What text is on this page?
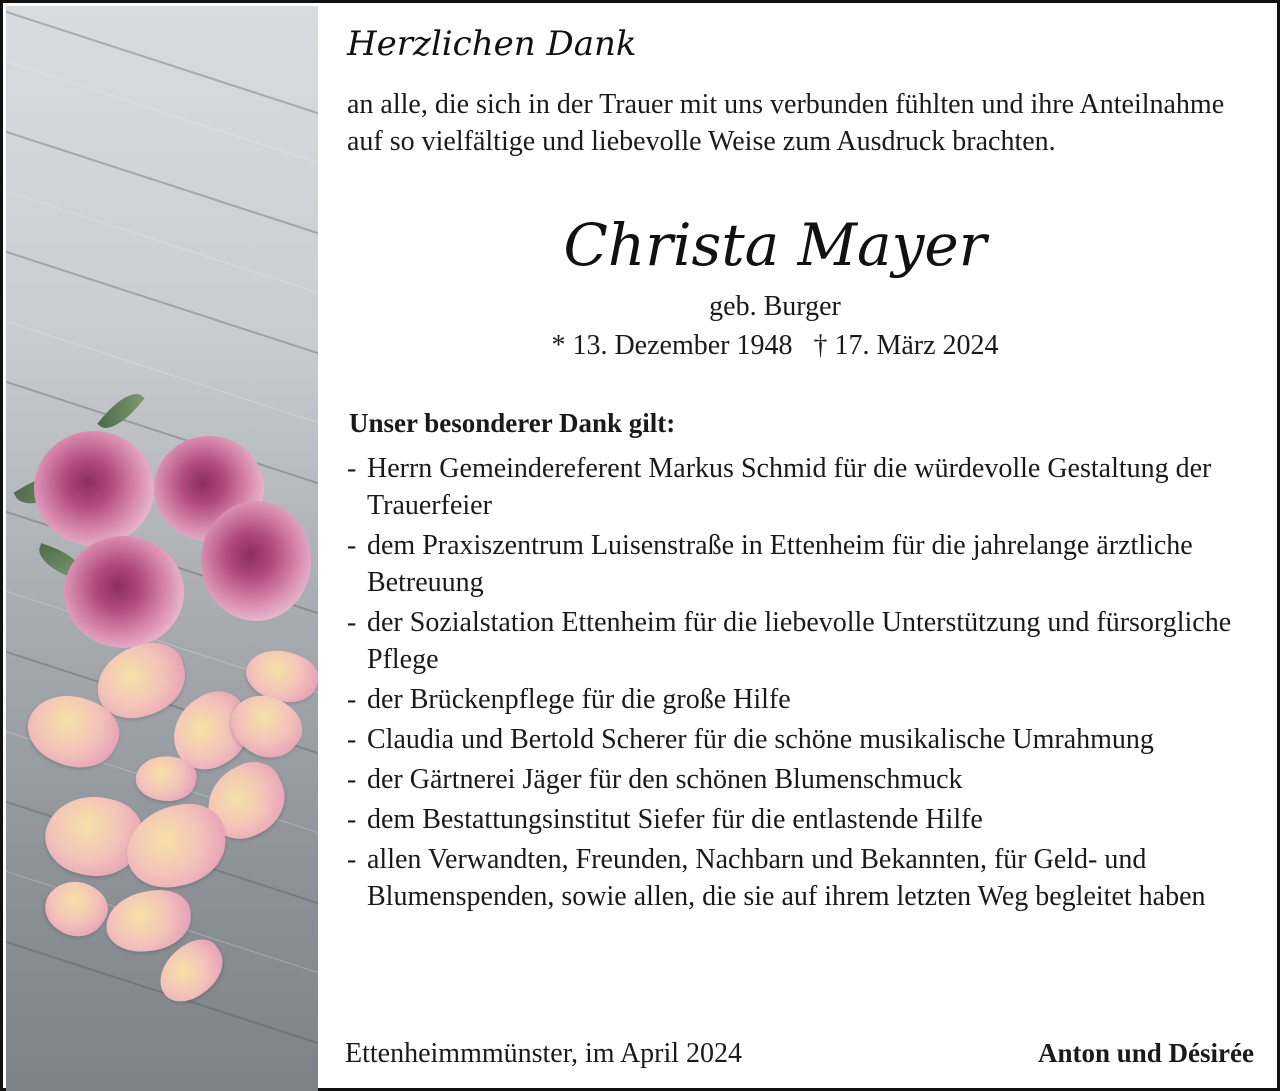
Herzlichen Dank

an alle, die sich in der Trauer mit uns verbunden fühlten und ihre Anteilnahme auf so vielfältige und liebevolle Weise zum Ausdruck brachten.

Christa Mayer
geb. Burger
* 13. Dezember 1948 † 17. März 2024
Unser besonderer Dank gilt:
- Herrn Gemeindereferent Markus Schmid für die würdevolle Gestaltung der Trauerfeier
- dem Praxiszentrum Luisenstraße in Ettenheim für die jahrelange ärztliche Betreuung
- der Sozialstation Ettenheim für die liebevolle Unterstützung und fürsorgliche Pflege
- der Brückenpflege für die große Hilfe
- Claudia und Bertold Scherer für die schöne musikalische Umrahmung
- der Gärtnerei Jäger für den schönen Blumenschmuck
- dem Bestattungsinstitut Siefer für die entlastende Hilfe
- allen Verwandten, Freunden, Nachbarn und Bekannten, für Geld- und Blumenspenden, sowie allen, die sie auf ihrem letzten Weg begleitet haben
Ettenheimmmünster, im April 2024	Anton und Désirée
